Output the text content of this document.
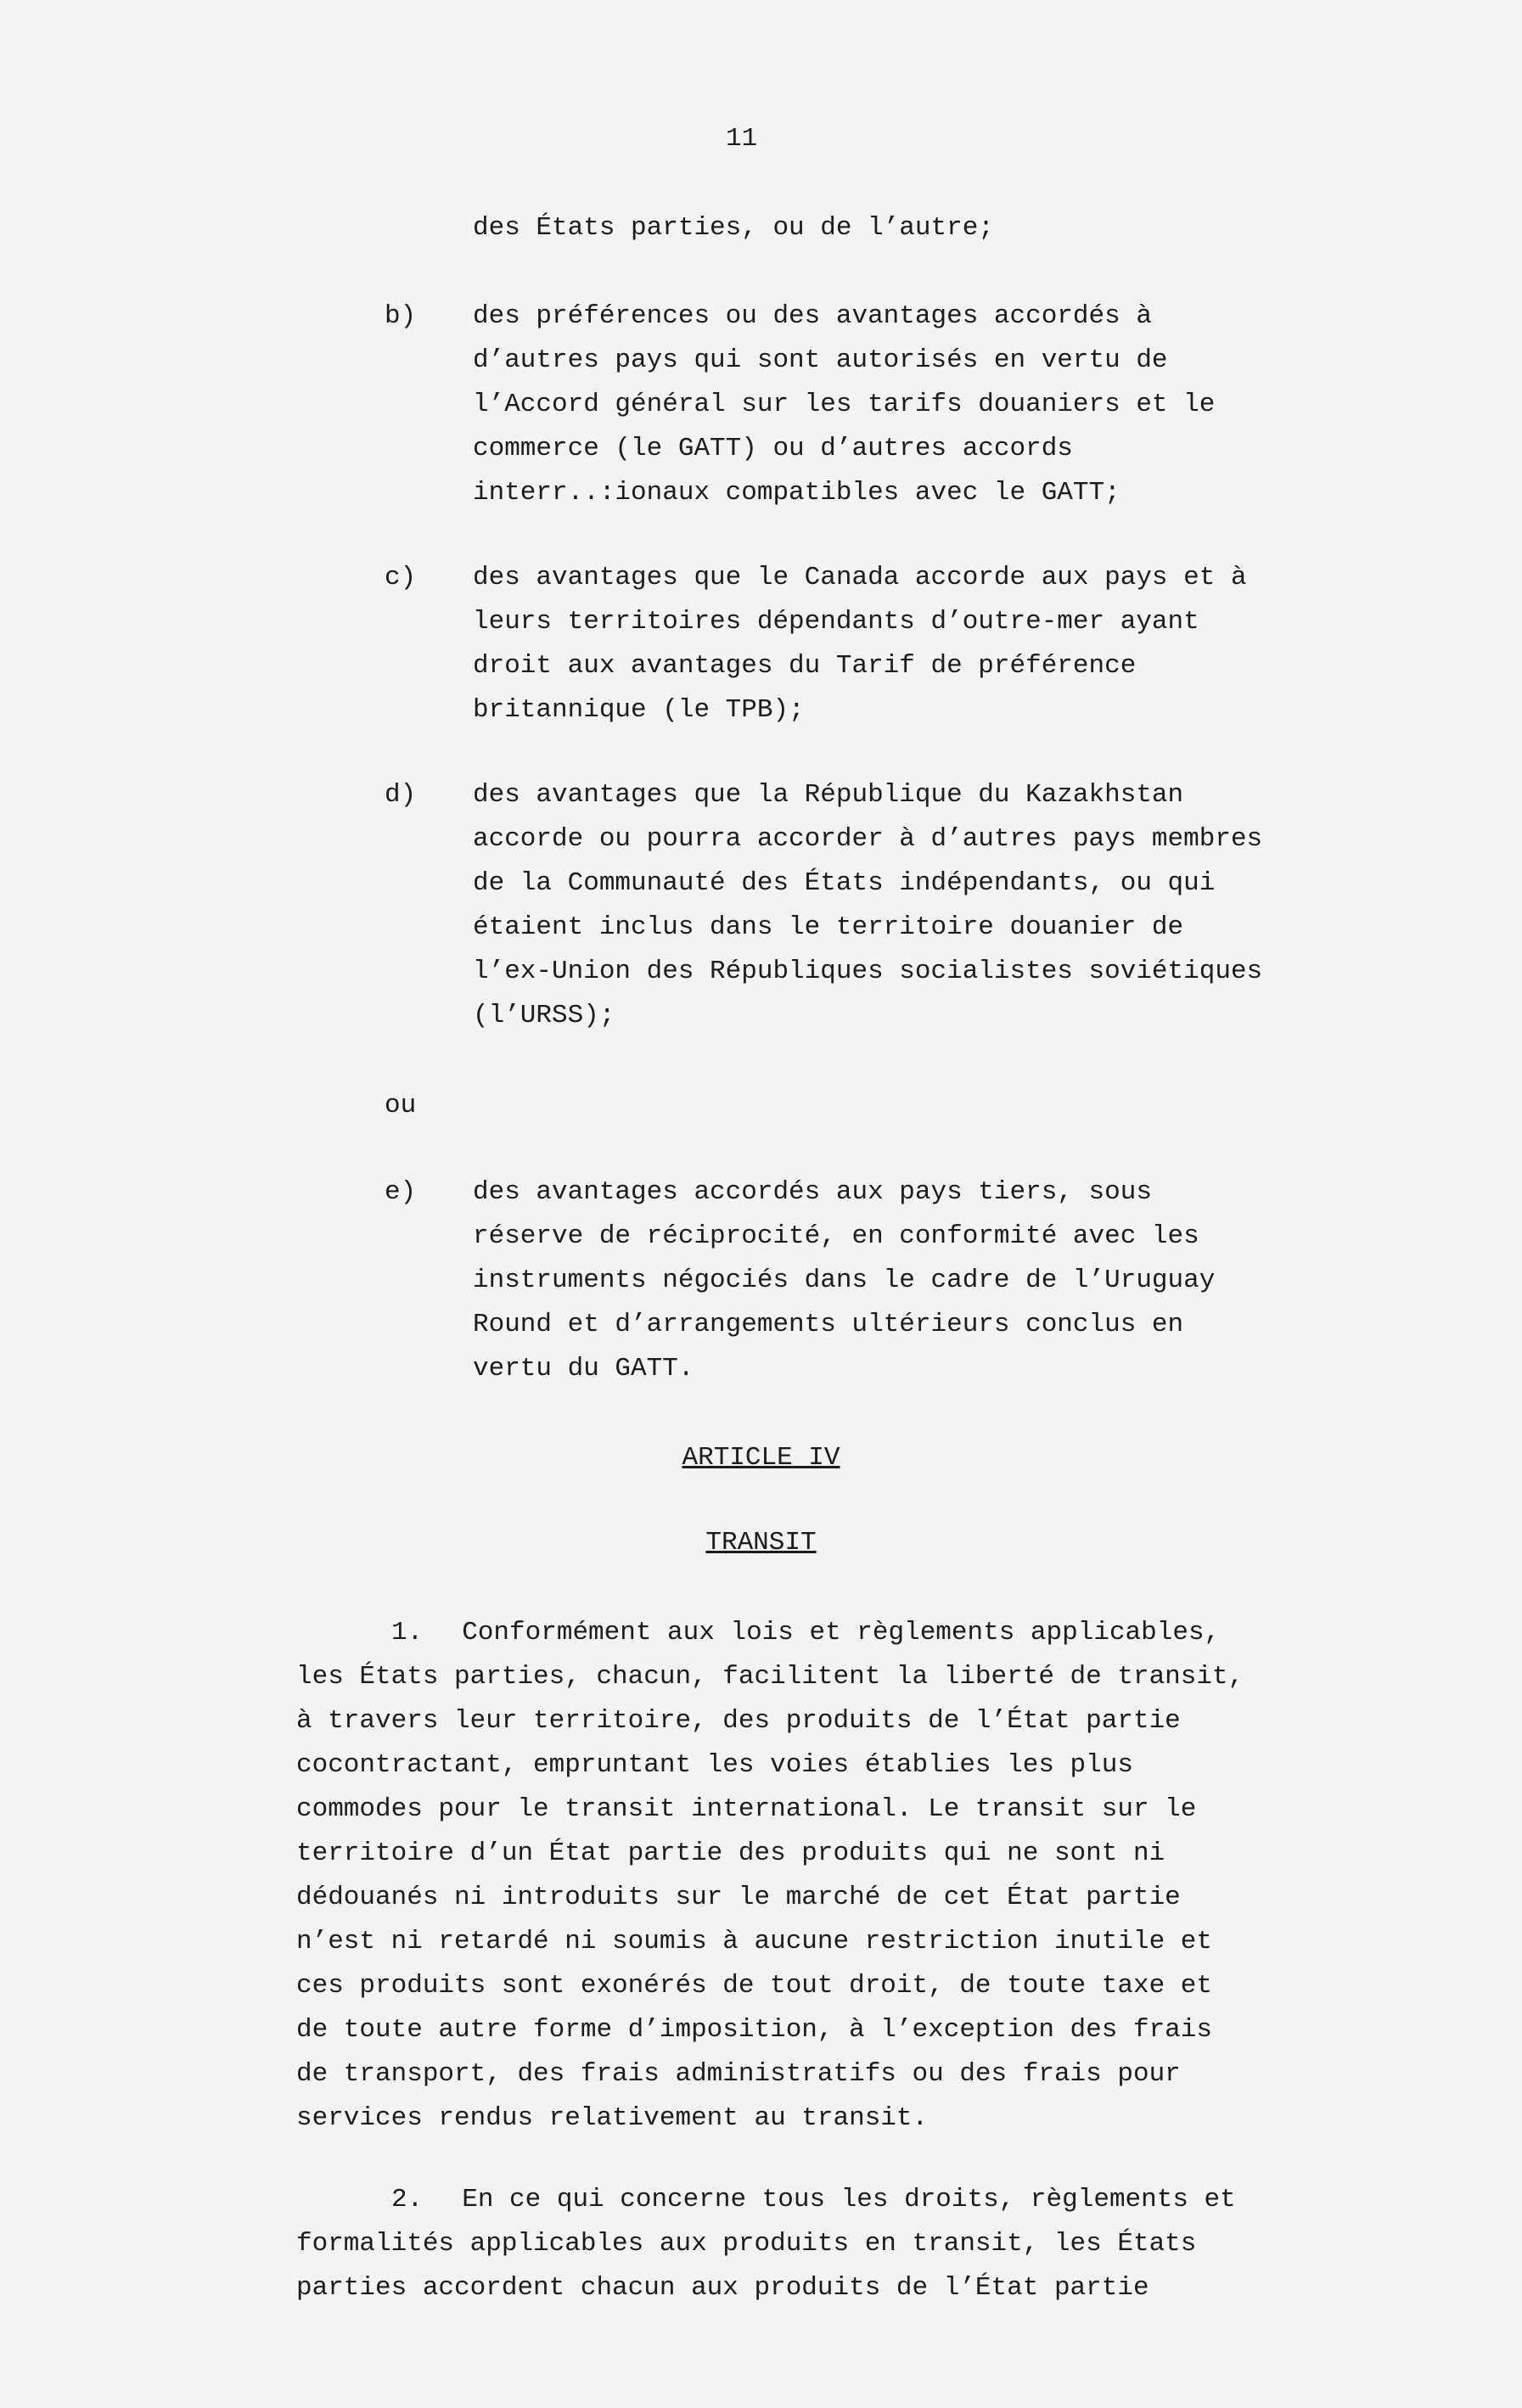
11
des États parties, ou de l’autre;
b) des préférences ou des avantages accordés à
d’autres pays qui sont autorisés en vertu de
l’Accord général sur les tarifs douaniers et le
commerce (le GATT) ou d’autres accords
interr..:ionaux compatibles avec le GATT;
c) des avantages que le Canada accorde aux pays et à
leurs territoires dépendants d’outre-mer ayant
droit aux avantages du Tarif de préférence
britannique (le TPB);
d) des avantages que la République du Kazakhstan
accorde ou pourra accorder à d’autres pays membres
de la Communauté des États indépendants, ou qui
étaient inclus dans le territoire douanier de
l’ex-Union des Républiques socialistes soviétiques
(l’URSS);
ou
e) des avantages accordés aux pays tiers, sous
réserve de réciprocité, en conformité avec les
instruments négociés dans le cadre de l’Uruguay
Round et d’arrangements ultérieurs conclus en
vertu du GATT.
ARTICLE IV
TRANSIT
1. Conformément aux lois et règlements applicables,
les États parties, chacun, facilitent la liberté de transit,
à travers leur territoire, des produits de l’État partie
cocontractant, empruntant les voies établies les plus
commodes pour le transit international. Le transit sur le
territoire d’un État partie des produits qui ne sont ni
dédouanés ni introduits sur le marché de cet État partie
n’est ni retardé ni soumis à aucune restriction inutile et
ces produits sont exonérés de tout droit, de toute taxe et
de toute autre forme d’imposition, à l’exception des frais
de transport, des frais administratifs ou des frais pour
services rendus relativement au transit.
2. En ce qui concerne tous les droits, règlements et
formalités applicables aux produits en transit, les États
parties accordent chacun aux produits de l’État partie
